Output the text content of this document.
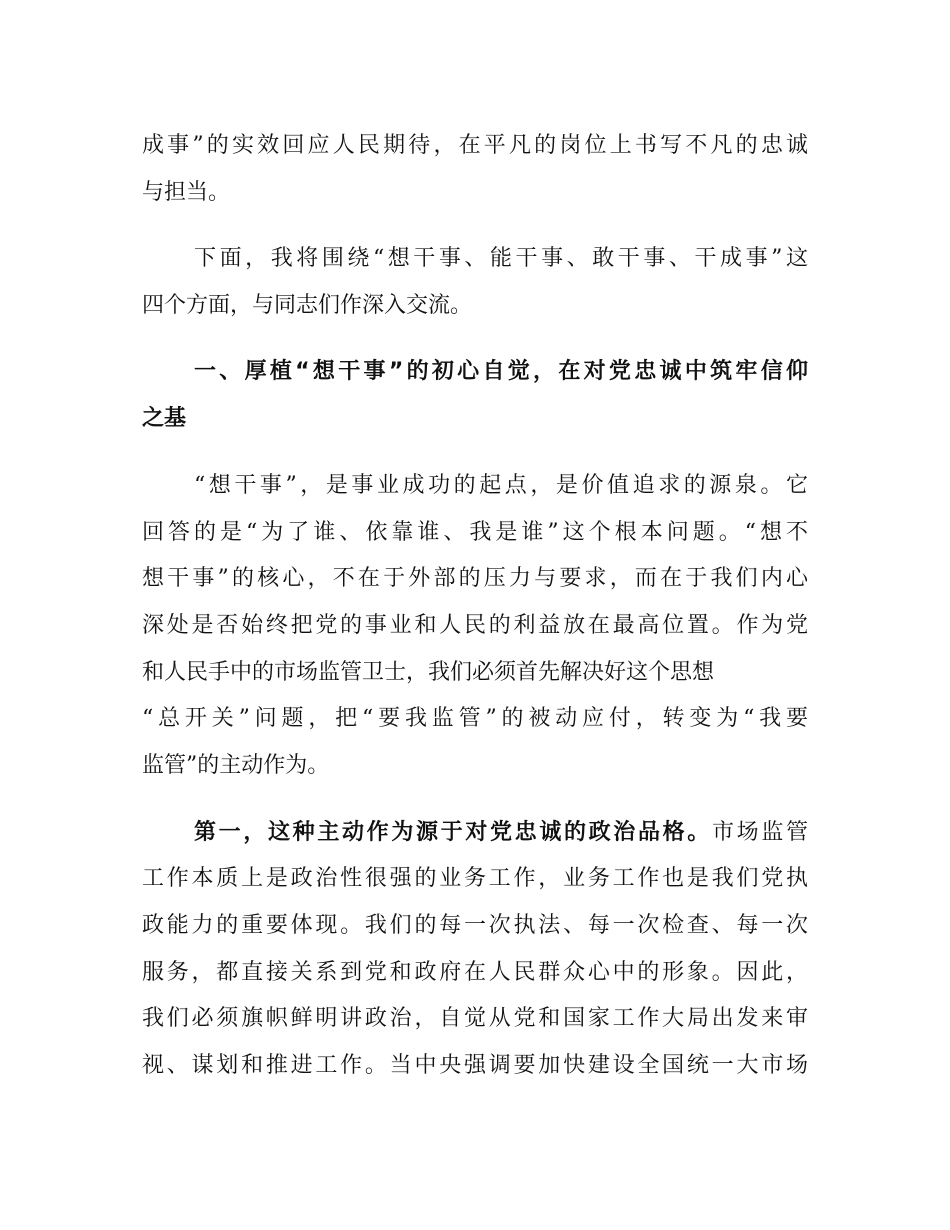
成事”的实效回应人民期待，在平凡的岗位上书写不凡的忠诚
与担当。
下面，我将围绕“想干事、能干事、敢干事、干成事”这
四个方面，与同志们作深入交流。
一、厚植“想干事”的初心自觉，在对党忠诚中筑牢信仰
之基
“想干事”，是事业成功的起点，是价值追求的源泉。它
回答的是“为了谁、依靠谁、我是谁”这个根本问题。“想不
想干事”的核心，不在于外部的压力与要求，而在于我们内心
深处是否始终把党的事业和人民的利益放在最高位置。作为党
和人民手中的市场监管卫士，我们必须首先解决好这个思想
“总开关”问题，把“要我监管”的被动应付，转变为“我要
监管”的主动作为。
第一，这种主动作为源于对党忠诚的政治品格。市场监管
工作本质上是政治性很强的业务工作，业务工作也是我们党执
政能力的重要体现。我们的每一次执法、每一次检查、每一次
服务，都直接关系到党和政府在人民群众心中的形象。因此，
我们必须旗帜鲜明讲政治，自觉从党和国家工作大局出发来审
视、谋划和推进工作。当中央强调要加快建设全国统一大市场
